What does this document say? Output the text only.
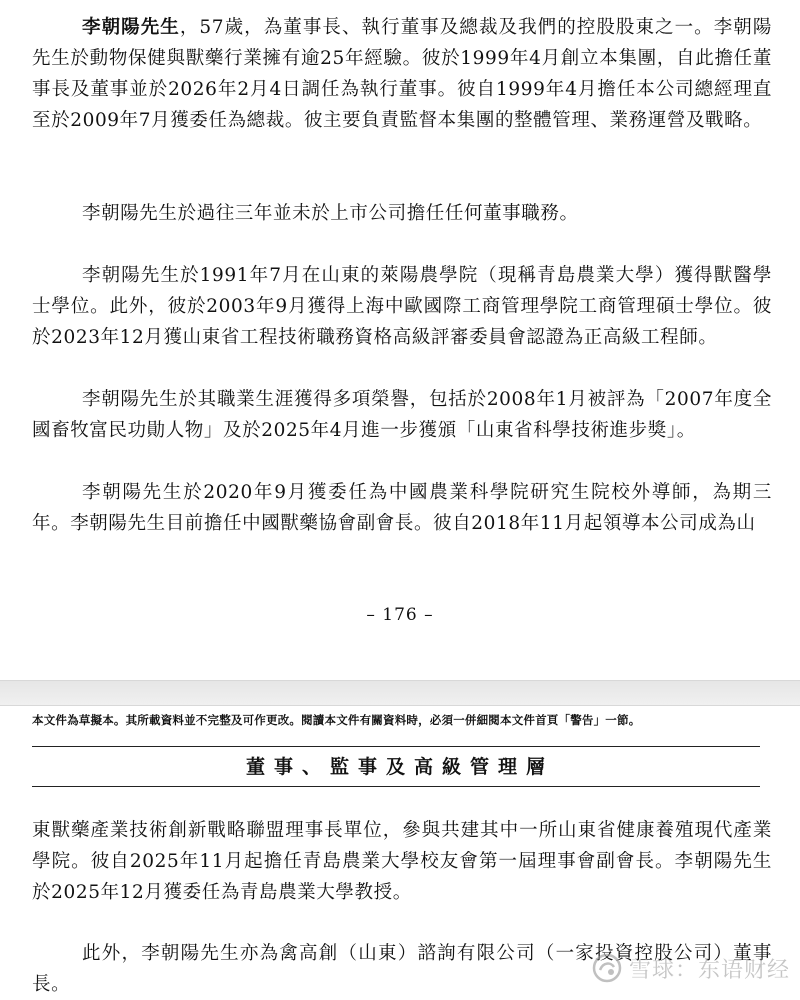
李朝陽先生，57歲，為董事長、執行董事及總裁及我們的控股股東之一。李朝陽先生於動物保健與獸藥行業擁有逾25年經驗。彼於1999年4月創立本集團，自此擔任董事長及董事並於2026年2月4日調任為執行董事。彼自1999年4月擔任本公司總經理直至於2009年7月獲委任為總裁。彼主要負責監督本集團的整體管理、業務運營及戰略。

李朝陽先生於過往三年並未於上市公司擔任任何董事職務。

李朝陽先生於1991年7月在山東的萊陽農學院（現稱青島農業大學）獲得獸醫學士學位。此外，彼於2003年9月獲得上海中歐國際工商管理學院工商管理碩士學位。彼於2023年12月獲山東省工程技術職務資格高級評審委員會認證為正高級工程師。

李朝陽先生於其職業生涯獲得多項榮譽，包括於2008年1月被評為「2007年度全國畜牧富民功勛人物」及於2025年4月進一步獲頒「山東省科學技術進步獎」。

李朝陽先生於2020年9月獲委任為中國農業科學院研究生院校外導師，為期三年。李朝陽先生目前擔任中國獸藥協會副會長。彼自2018年11月起領導本公司成為山

– 176 –
本文件為草擬本。其所載資料並不完整及可作更改。閱讀本文件有關資料時，必須一併細閱本文件首頁「警告」一節。
董事、監事及高級管理層

東獸藥產業技術創新戰略聯盟理事長單位，參與共建其中一所山東省健康養殖現代產業學院。彼自2025年11月起擔任青島農業大學校友會第一屆理事會副會長。李朝陽先生於2025年12月獲委任為青島農業大學教授。

此外，李朝陽先生亦為禽高創（山東）諮詢有限公司（一家投資控股公司）董事長。

雪球：东语财经
